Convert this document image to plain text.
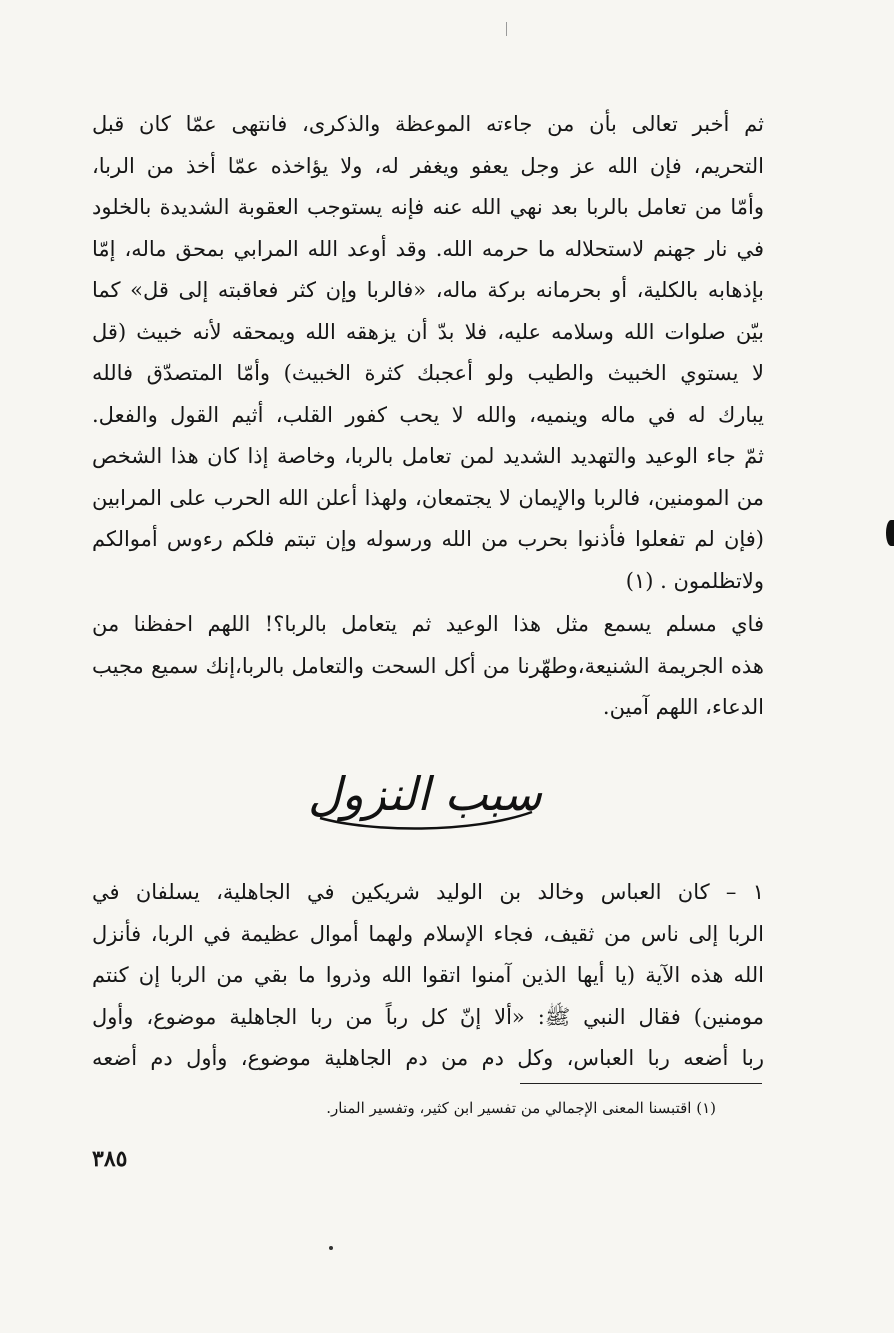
ثم أخبر تعالى بأن من جاءته الموعظة والذكرى، فانتهى عمّا كان قبل
التحريم، فإن الله عز وجل يعفو ويغفر له، ولا يؤاخذه عمّا أخذ من الربا،
وأمّا من تعامل بالربا بعد نهي الله عنه فإنه يستوجب العقوبة الشديدة بالخلود
في نار جهنم لاستحلاله ما حرمه الله. وقد أوعد الله المرابي بمحق ماله، إمّا
بإذهابه بالكلية، أو بحرمانه بركة ماله، «فالربا وإن كثر فعاقبته إلى قل» كما
بيّن صلوات الله وسلامه عليه، فلا بدّ أن يزهقه الله ويمحقه لأنه خبيث (قل
لا يستوي الخبيث والطيب ولو أعجبك كثرة الخبيث) وأمّا المتصدّق فالله
يبارك له في ماله وينميه، والله لا يحب كفور القلب، أثيم القول والفعل.
ثمّ جاء الوعيد والتهديد الشديد لمن تعامل بالربا، وخاصة إذا كان هذا الشخص
من المومنين، فالربا والإيمان لا يجتمعان، ولهذا أعلن الله الحرب على المرابين
(فإن لم تفعلوا فأذنوا بحرب من الله ورسوله وإن تبتم فلكم رءوس أموالكم
ولاتظلمون . (١)
فاي مسلم يسمع مثل هذا الوعيد ثم يتعامل بالربا؟! اللهم احفظنا من
هذه الجريمة الشنيعة،وطهّرنا من أكل السحت والتعامل بالربا،إنك سميع مجيب
الدعاء، اللهم آمين.
سبب النزول
١ – كان العباس وخالد بن الوليد شريكين في الجاهلية، يسلفان في
الربا إلى ناس من ثقيف، فجاء الإسلام ولهما أموال عظيمة في الربا، فأنزل
الله هذه الآية (يا أيها الذين آمنوا اتقوا الله وذروا ما بقي من الربا إن كنتم
مومنين) فقال النبي ﷺ: «ألا إنّ كل رباً من ربا الجاهلية موضوع، وأول
ربا أضعه ربا العباس، وكل دم من دم الجاهلية موضوع، وأول دم أضعه
(١) اقتبسنا المعنى الإجمالي من تفسير ابن كثير، وتفسير المنار.
٣٨٥
